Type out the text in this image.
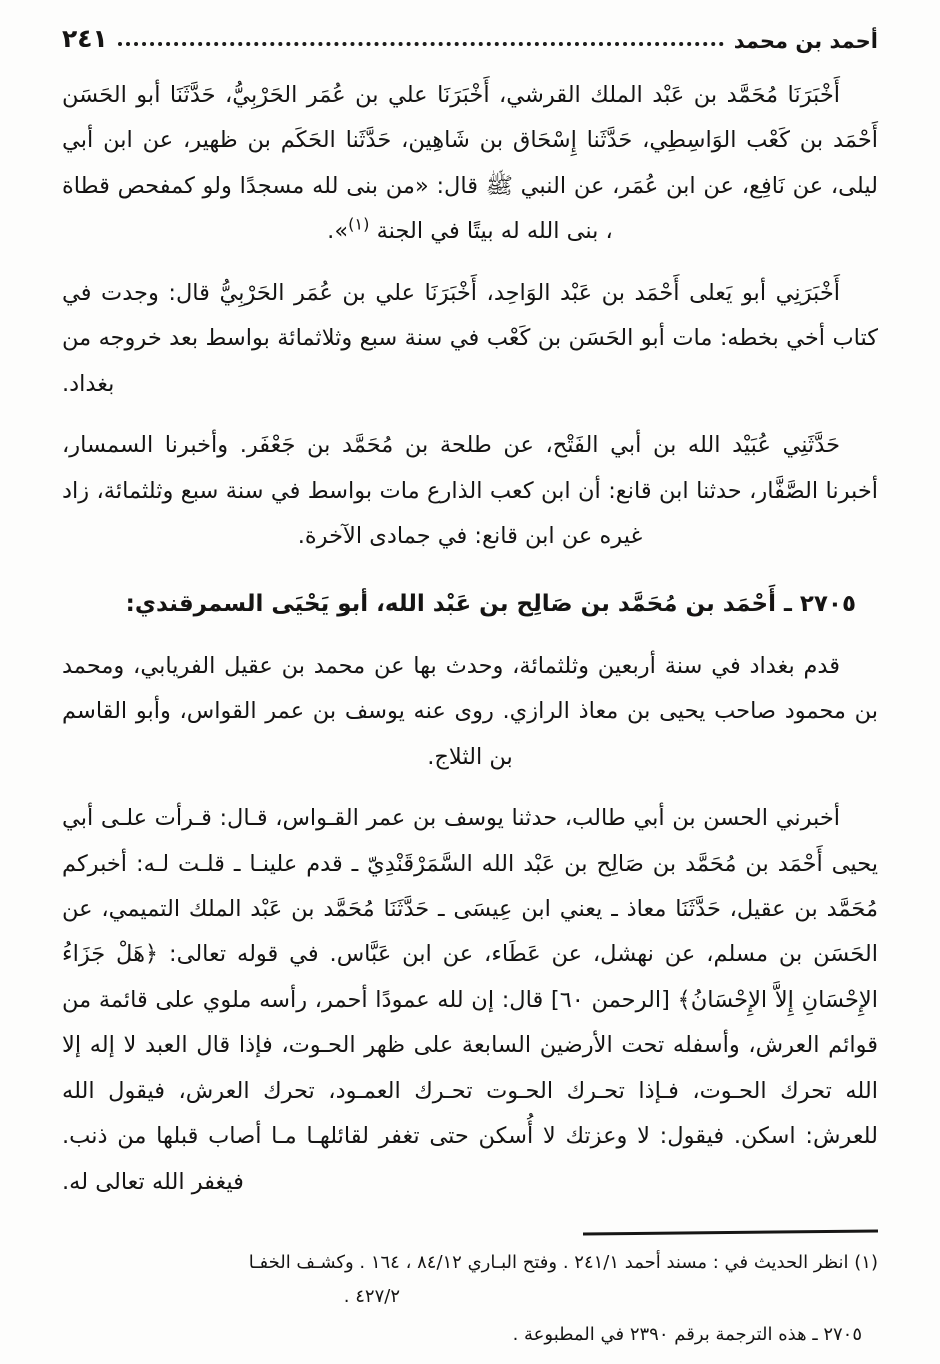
أحمد بن محمد
٢٤١

أَخْبَرَنَا مُحَمَّد بن عَبْد الملك القرشي، أَخْبَرَنَا علي بن عُمَر الحَرْبِيُّ، حَدَّثَنَا أبو الحَسَن أَحْمَد بن كَعْب الوَاسِطِي، حَدَّثَنا إِسْحَاق بن شَاهِين، حَدَّثَنا الحَكَم بن ظهير، عن ابن أبي ليلى، عن نَافِع، عن ابن عُمَر، عن النبي ﷺ قال: «من بنى لله مسجدًا ولو كمفحص قطاة ، بنى الله له بيتًا في الجنة $^{(١)}$».

أَخْبَرَنِي أبو يَعلى أَحْمَد بن عَبْد الوَاحِد، أَخْبَرَنَا علي بن عُمَر الحَرْبِيُّ قال: وجدت في كتاب أخي بخطه: مات أبو الحَسَن بن كَعْب في سنة سبع وثلاثمائة بواسط بعد خروجه من بغداد.

حَدَّثَنِي عُبَيْد الله بن أبي الفَتْح، عن طلحة بن مُحَمَّد بن جَعْفَر. وأخبرنا السمسار، أخبرنا الصَّفَّار، حدثنا ابن قانع: أن ابن كعب الذارع مات بواسط في سنة سبع وثلثمائة، زاد غيره عن ابن قانع: في جمادى الآخرة.

٢٧٠٥ ـ أَحْمَد بن مُحَمَّد بن صَالِح بن عَبْد الله، أبو يَحْيَى السمرقندي:

قدم بغداد في سنة أربعين وثلثمائة، وحدث بها عن محمد بن عقيل الفريابي، ومحمد بن محمود صاحب يحيى بن معاذ الرازي. روى عنه يوسف بن عمر القواس، وأبو القاسم بن الثلاج.

أخبرني الحسن بن أبي طالب، حدثنا يوسف بن عمر القـواس، قـال: قـرأت علـى أبي يحيى أَحْمَد بن مُحَمَّد بن صَالِح بن عَبْد الله السَّمَرْقَنْدِيّ ـ قدم علينـا ـ قلـت لـه: أخبركم مُحَمَّد بن عقيل، حَدَّثَنَا معاذ ـ يعني ابن عِيسَى ـ حَدَّثَنَا مُحَمَّد بن عَبْد الملك التميمي، عن الحَسَن بن مسلم، عن نهشل، عن عَطَاء، عن ابن عَبَّاس. في قوله تعالى: ﴿هَلْ جَزَاءُ الإِحْسَانِ إِلاَّ الإِحْسَانُ﴾ [الرحمن ٦٠] قال: إن لله عمودًا أحمر، رأسه ملوي على قائمة من قوائم العرش، وأسفله تحت الأرضين السابعة على ظهر الحـوت، فإذا قال العبد لا إله إلا الله تحرك الحـوت، فـإذا تحـرك الحـوت تحـرك العمـود، تحرك العرش، فيقول الله للعرش: اسكن. فيقول: لا وعزتك لا أُسكن حتى تغفر لقائلهـا مـا أصاب قبلها من ذنب. فيغفر الله تعالى له.

(١) انظر الحديث في : مسند أحمد ٢٤١/١ . وفتح البـاري ٨٤/١٢ ، ١٦٤ . وكشـف الخفـا
٤٢٧/٢ .
٢٧٠٥ ـ هذه الترجمة برقم ٢٣٩٠ في المطبوعة .
